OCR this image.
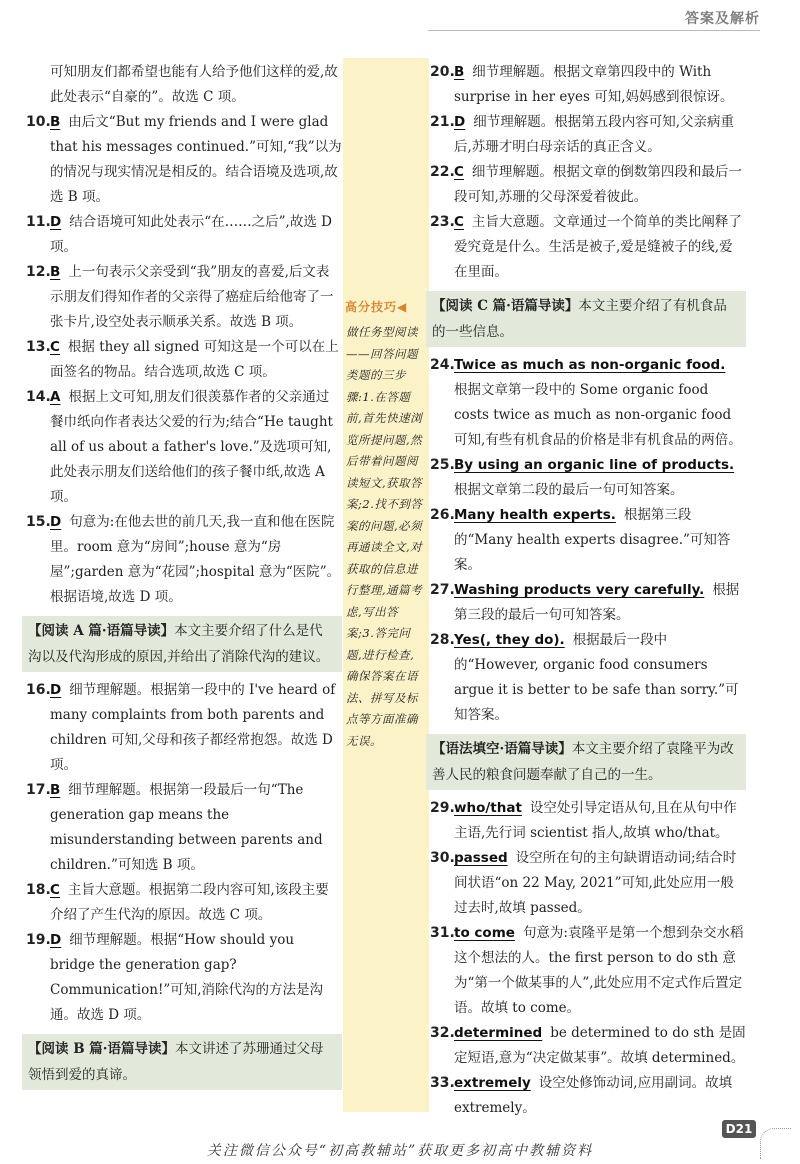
答案及解析
高分技巧◀
做任务型阅读——回答问题类题的三步骤:1.在答题前,首先快速浏览所提问题,然后带着问题阅读短文,获取答案;2.找不到答案的问题,必须再通读全文,对获取的信息进行整理,通篇考虑,写出答案;3.答完问题,进行检查,确保答案在语法、拼写及标点等方面准确无误。
可知朋友们都希望也能有人给予他们这样的爱,故此处表示“自豪的”。故选 C 项。
10. B 由后文“But my friends and I were glad that his messages continued.”可知,“我”以为的情况与现实情况是相反的。结合语境及选项,故选 B 项。
11. D 结合语境可知此处表示“在……之后”,故选 D 项。
12. B 上一句表示父亲受到“我”朋友的喜爱,后文表示朋友们得知作者的父亲得了癌症后给他寄了一张卡片,设空处表示顺承关系。故选 B 项。
13. C 根据 they all signed 可知这是一个可以在上面签名的物品。结合选项,故选 C 项。
14. A 根据上文可知,朋友们很羡慕作者的父亲通过餐巾纸向作者表达父爱的行为;结合“He taught all of us about a father's love.”及选项可知,此处表示朋友们送给他们的孩子餐巾纸,故选 A 项。
15. D 句意为:在他去世的前几天,我一直和他在医院里。room 意为“房间”;house 意为“房屋”;garden 意为“花园”;hospital 意为“医院”。根据语境,故选 D 项。
【阅读 A 篇·语篇导读】本文主要介绍了什么是代沟以及代沟形成的原因,并给出了消除代沟的建议。
16. D 细节理解题。根据第一段中的 I've heard of many complaints from both parents and children 可知,父母和孩子都经常抱怨。故选 D 项。
17. B 细节理解题。根据第一段最后一句“The generation gap means the misunderstanding between parents and children.”可知选 B 项。
18. C 主旨大意题。根据第二段内容可知,该段主要介绍了产生代沟的原因。故选 C 项。
19. D 细节理解题。根据“How should you bridge the generation gap? Communication!”可知,消除代沟的方法是沟通。故选 D 项。
【阅读 B 篇·语篇导读】本文讲述了苏珊通过父母领悟到爱的真谛。
20. B 细节理解题。根据文章第四段中的 With surprise in her eyes 可知,妈妈感到很惊讶。
21. D 细节理解题。根据第五段内容可知,父亲病重后,苏珊才明白母亲话的真正含义。
22. C 细节理解题。根据文章的倒数第四段和最后一段可知,苏珊的父母深爱着彼此。
23. C 主旨大意题。文章通过一个简单的类比阐释了爱究竟是什么。生活是被子,爱是缝被子的线,爱在里面。
【阅读 C 篇·语篇导读】本文主要介绍了有机食品的一些信息。
24. Twice as much as non-organic food.根据文章第一段中的 Some organic food costs twice as much as non-organic food 可知,有些有机食品的价格是非有机食品的两倍。
25. By using an organic line of products.根据文章第二段的最后一句可知答案。
26. Many health experts. 根据第三段的“Many health experts disagree.”可知答案。
27. Washing products very carefully. 根据第三段的最后一句可知答案。
28. Yes(, they do). 根据最后一段中的“However, organic food consumers argue it is better to be safe than sorry.”可知答案。
【语法填空·语篇导读】本文主要介绍了袁隆平为改善人民的粮食问题奉献了自己的一生。
29. who/that 设空处引导定语从句,且在从句中作主语,先行词 scientist 指人,故填 who/that。
30. passed 设空所在句的主句缺谓语动词;结合时间状语“on 22 May, 2021”可知,此处应用一般过去时,故填 passed。
31. to come 句意为:袁隆平是第一个想到杂交水稻这个想法的人。the first person to do sth 意为“第一个做某事的人”,此处应用不定式作后置定语。故填 to come。
32. determined be determined to do sth 是固定短语,意为“决定做某事”。故填 determined。
33. extremely 设空处修饰动词,应用副词。故填 extremely。
D21
关注微信公众号“初高教辅站”获取更多初高中教辅资料
